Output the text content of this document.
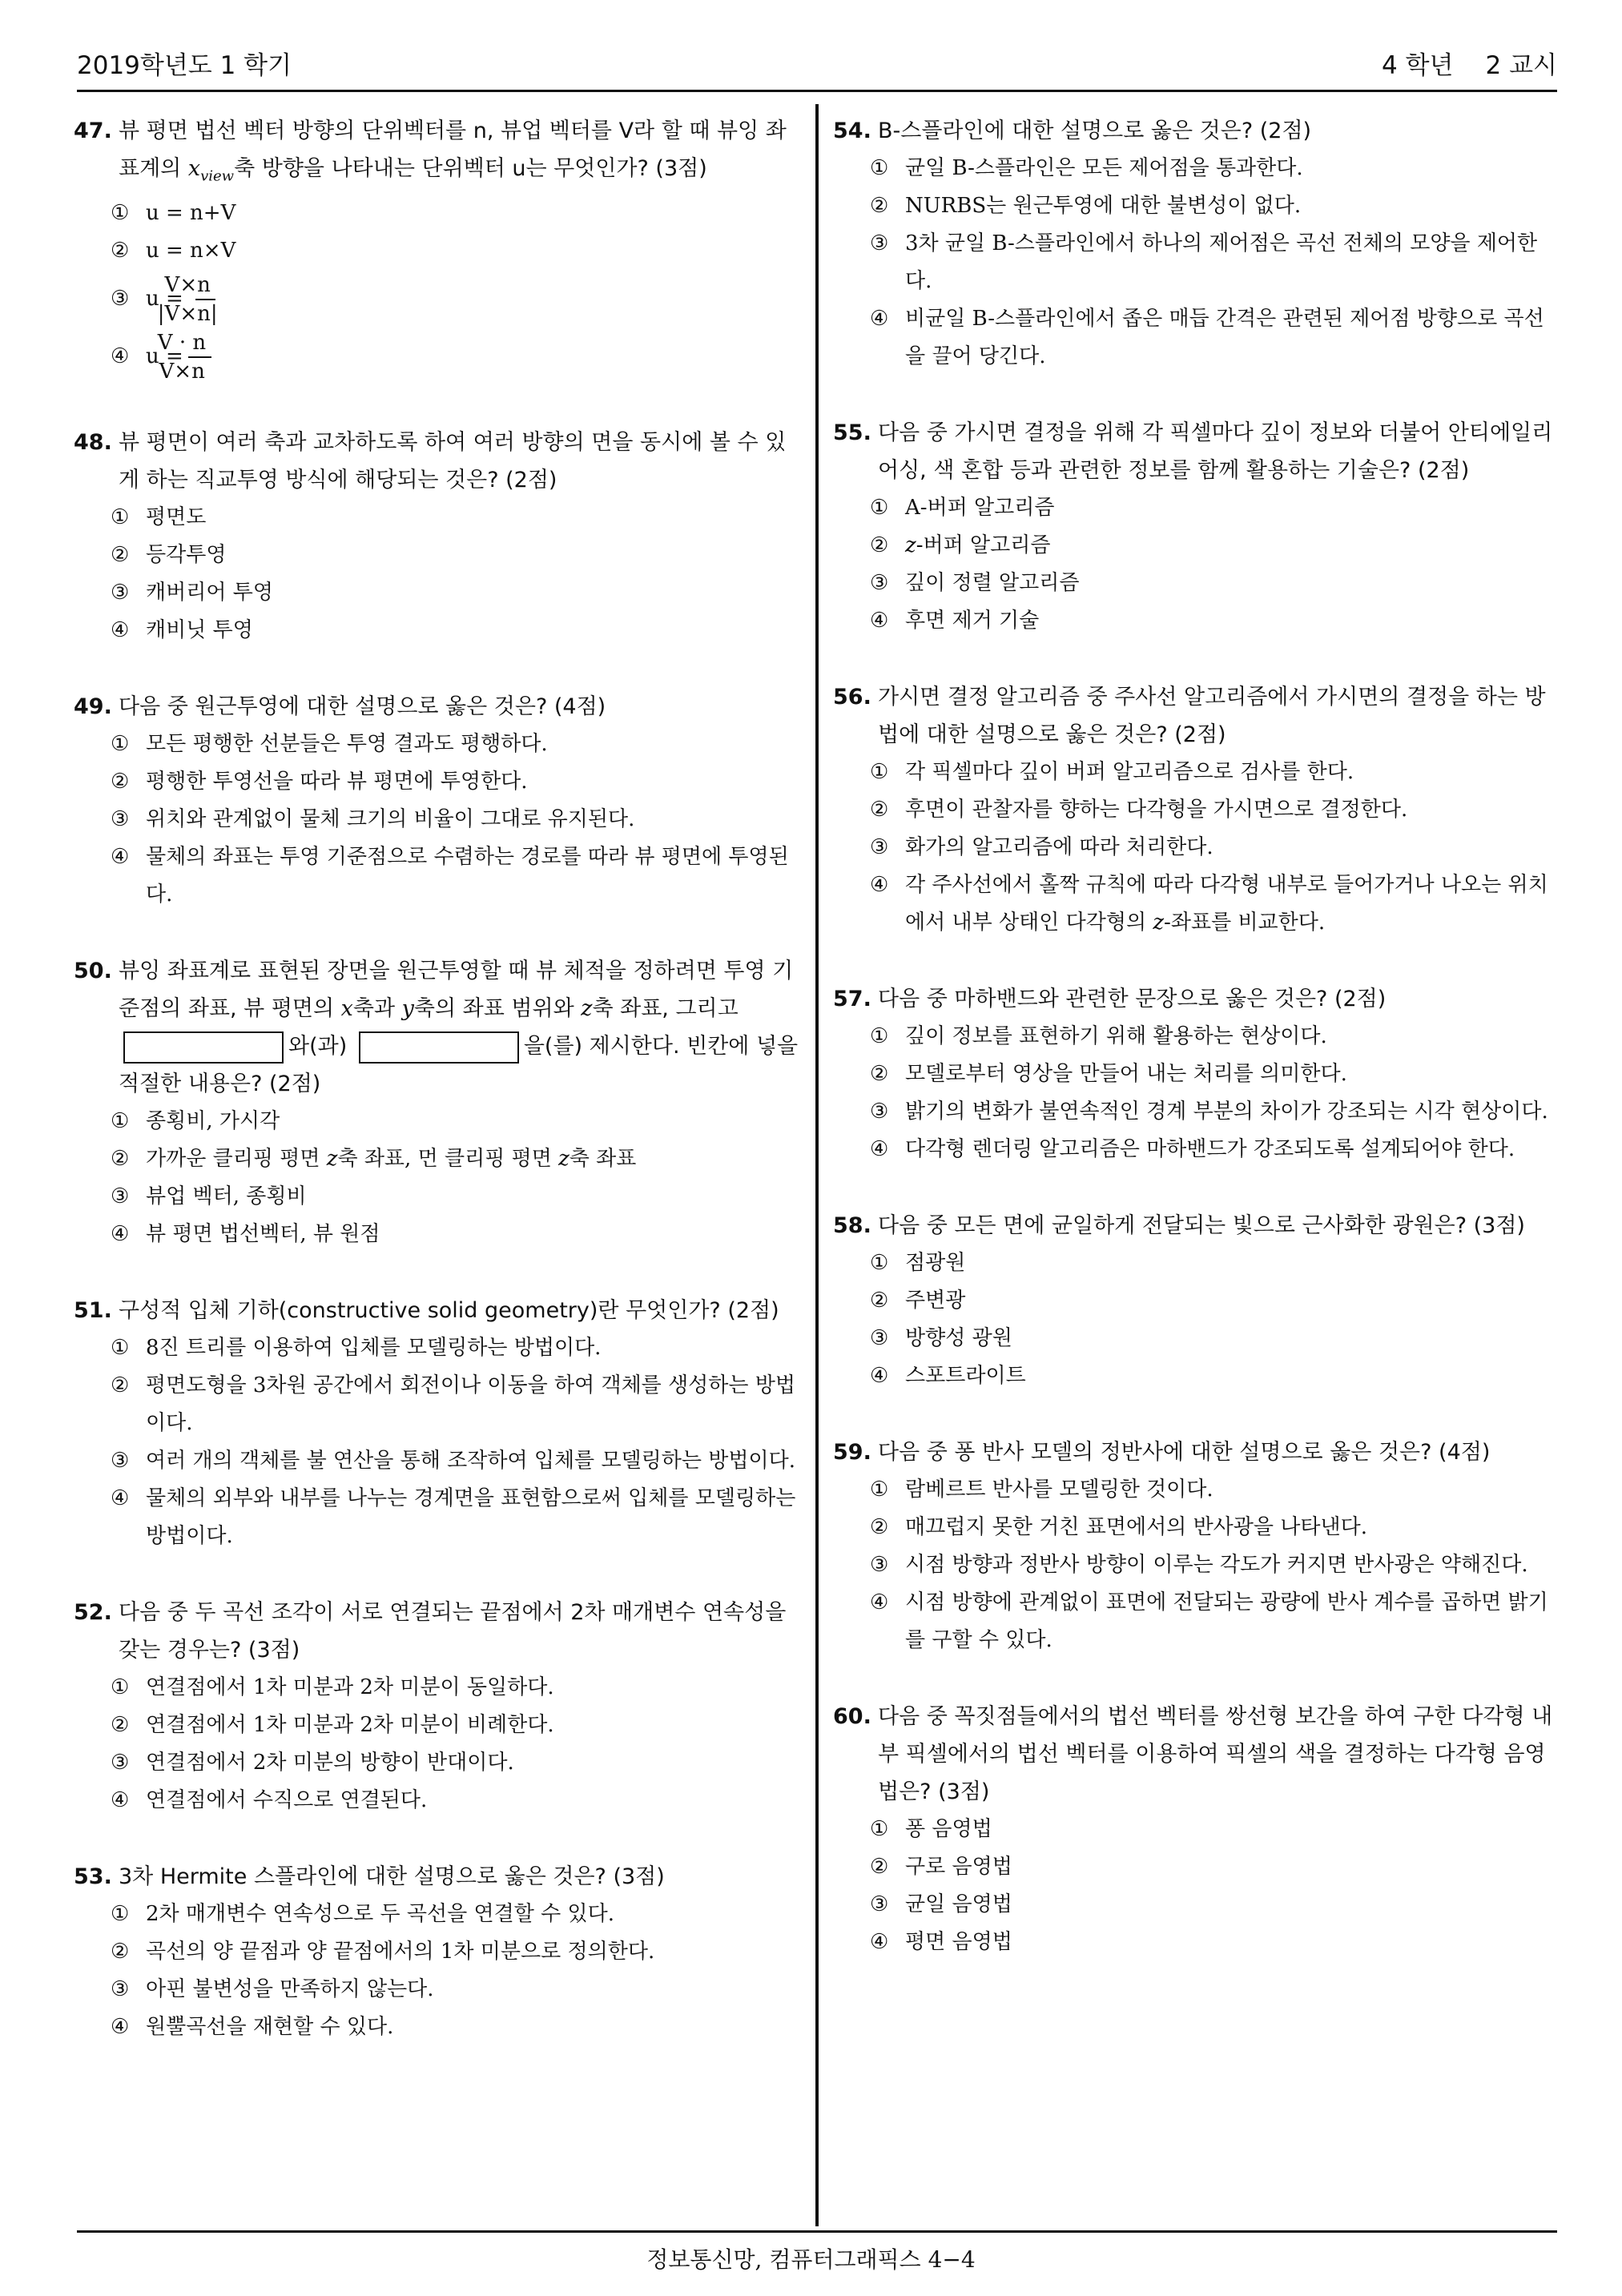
2019학년도 1 학기	4 학년 2 교시
47. 뷰 평면 법선 벡터 방향의 단위벡터를 n, 뷰업 벡터를 V라 할 때 뷰잉 좌표계의 $x_{view}$축 방향을 나타내는 단위벡터 u는 무엇인가? (3점)
① u = n+V
② u = n×V
③ $u = \frac{V\times n}{|V\times n|}$
④ $u = \frac{V \cdot n}{V\times n}$
48. 뷰 평면이 여러 축과 교차하도록 하여 여러 방향의 면을 동시에 볼 수 있게 하는 직교투영 방식에 해당되는 것은? (2점)
① 평면도
② 등각투영
③ 캐버리어 투영
④ 캐비닛 투영
49. 다음 중 원근투영에 대한 설명으로 옳은 것은? (4점)
① 모든 평행한 선분들은 투영 결과도 평행하다.
② 평행한 투영선을 따라 뷰 평면에 투영한다.
③ 위치와 관계없이 물체 크기의 비율이 그대로 유지된다.
④ 물체의 좌표는 투영 기준점으로 수렴하는 경로를 따라 뷰 평면에 투영된다.
50. 뷰잉 좌표계로 표현된 장면을 원근투영할 때 뷰 체적을 정하려면 투영 기준점의 좌표, 뷰 평면의 x축과 y축의 좌표 범위와 z축 좌표, 그리고 와(과)	을(를) 제시한다. 빈칸에 넣을 적절한 내용은? (2점)
① 종횡비, 가시각
② 가까운 클리핑 평면 z축 좌표, 먼 클리핑 평면 z축 좌표
③ 뷰업 벡터, 종횡비
④ 뷰 평면 법선벡터, 뷰 원점
51. 구성적 입체 기하(constructive solid geometry)란 무엇인가? (2점)
① 8진 트리를 이용하여 입체를 모델링하는 방법이다.
② 평면도형을 3차원 공간에서 회전이나 이동을 하여 객체를 생성하는 방법이다.
③ 여러 개의 객체를 불 연산을 통해 조작하여 입체를 모델링하는 방법이다.
④ 물체의 외부와 내부를 나누는 경계면을 표현함으로써 입체를 모델링하는 방법이다.
52. 다음 중 두 곡선 조각이 서로 연결되는 끝점에서 2차 매개변수 연속성을 갖는 경우는? (3점)
① 연결점에서 1차 미분과 2차 미분이 동일하다.
② 연결점에서 1차 미분과 2차 미분이 비례한다.
③ 연결점에서 2차 미분의 방향이 반대이다.
④ 연결점에서 수직으로 연결된다.
53. 3차 Hermite 스플라인에 대한 설명으로 옳은 것은? (3점)
① 2차 매개변수 연속성으로 두 곡선을 연결할 수 있다.
② 곡선의 양 끝점과 양 끝점에서의 1차 미분으로 정의한다.
③ 아핀 불변성을 만족하지 않는다.
④ 원뿔곡선을 재현할 수 있다.
54. B-스플라인에 대한 설명으로 옳은 것은? (2점)
① 균일 B-스플라인은 모든 제어점을 통과한다.
② NURBS는 원근투영에 대한 불변성이 없다.
③ 3차 균일 B-스플라인에서 하나의 제어점은 곡선 전체의 모양을 제어한다.
④ 비균일 B-스플라인에서 좁은 매듭 간격은 관련된 제어점 방향으로 곡선을 끌어 당긴다.
55. 다음 중 가시면 결정을 위해 각 픽셀마다 깊이 정보와 더불어 안티에일리어싱, 색 혼합 등과 관련한 정보를 함께 활용하는 기술은? (2점)
① A-버퍼 알고리즘
② z-버퍼 알고리즘
③ 깊이 정렬 알고리즘
④ 후면 제거 기술
56. 가시면 결정 알고리즘 중 주사선 알고리즘에서 가시면의 결정을 하는 방법에 대한 설명으로 옳은 것은? (2점)
① 각 픽셀마다 깊이 버퍼 알고리즘으로 검사를 한다.
② 후면이 관찰자를 향하는 다각형을 가시면으로 결정한다.
③ 화가의 알고리즘에 따라 처리한다.
④ 각 주사선에서 홀짝 규칙에 따라 다각형 내부로 들어가거나 나오는 위치에서 내부 상태인 다각형의 z-좌표를 비교한다.
57. 다음 중 마하밴드와 관련한 문장으로 옳은 것은? (2점)
① 깊이 정보를 표현하기 위해 활용하는 현상이다.
② 모델로부터 영상을 만들어 내는 처리를 의미한다.
③ 밝기의 변화가 불연속적인 경계 부분의 차이가 강조되는 시각 현상이다.
④ 다각형 렌더링 알고리즘은 마하밴드가 강조되도록 설계되어야 한다.
58. 다음 중 모든 면에 균일하게 전달되는 빛으로 근사화한 광원은? (3점)
① 점광원
② 주변광
③ 방향성 광원
④ 스포트라이트
59. 다음 중 퐁 반사 모델의 정반사에 대한 설명으로 옳은 것은? (4점)
① 람베르트 반사를 모델링한 것이다.
② 매끄럽지 못한 거친 표면에서의 반사광을 나타낸다.
③ 시점 방향과 정반사 방향이 이루는 각도가 커지면 반사광은 약해진다.
④ 시점 방향에 관계없이 표면에 전달되는 광량에 반사 계수를 곱하면 밝기를 구할 수 있다.
60. 다음 중 꼭짓점들에서의 법선 벡터를 쌍선형 보간을 하여 구한 다각형 내부 픽셀에서의 법선 벡터를 이용하여 픽셀의 색을 결정하는 다각형 음영법은? (3점)
① 퐁 음영법
② 구로 음영법
③ 균일 음영법
④ 평면 음영법
정보통신망, 컴퓨터그래픽스 4−4
